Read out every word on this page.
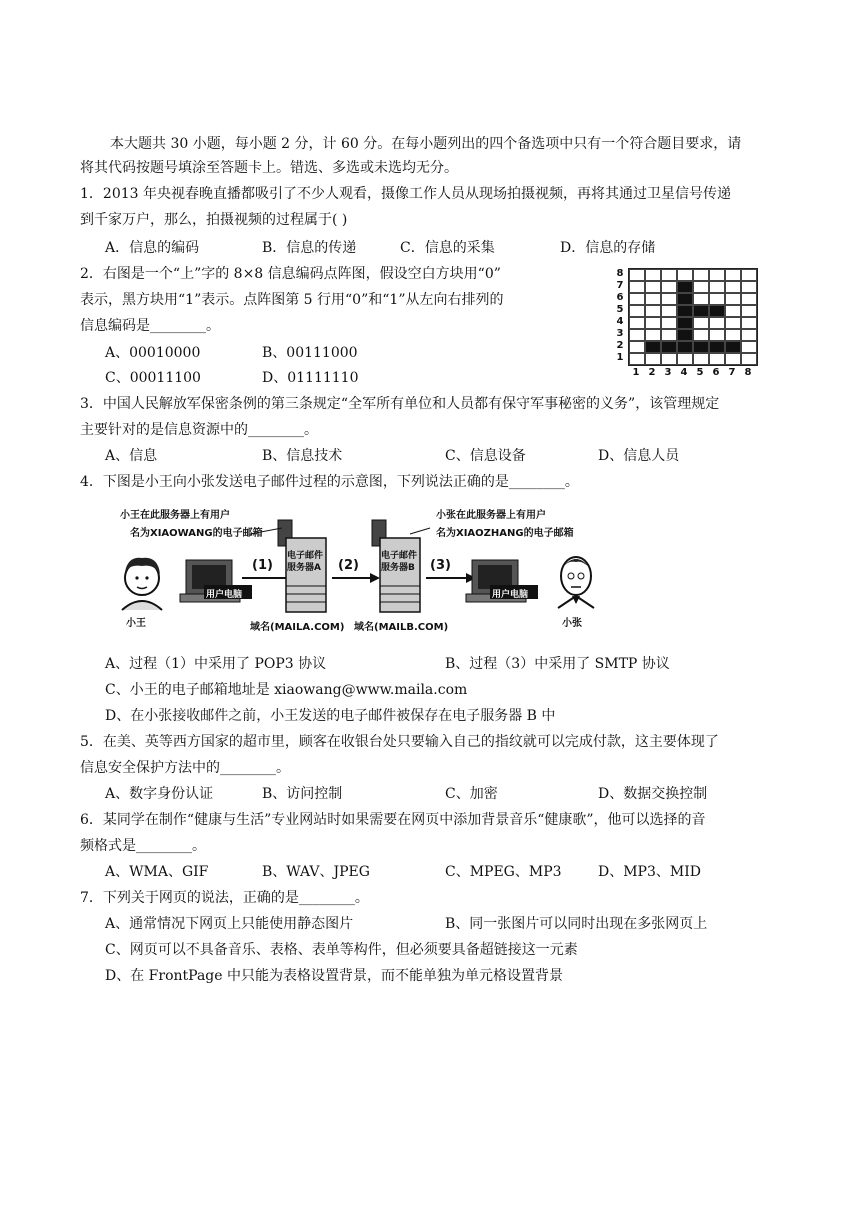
本大题共 30 小题，每小题 2 分，计 60 分。在每小题列出的四个备选项中只有一个符合题目要求，请
将其代码按题号填涂至答题卡上。错选、多选或未选均无分。
1．2013 年央视春晚直播都吸引了不少人观看，摄像工作人员从现场拍摄视频，再将其通过卫星信号传递
到千家万户，那么，拍摄视频的过程属于( )
A．信息的编码	B．信息的传递	C．信息的采集	D．信息的存储
2．右图是一个“上”字的 8×8 信息编码点阵图，假设空白方块用“0”
表示，黑方块用“1”表示。点阵图第 5 行用“0”和“1”从左向右排列的
信息编码是________。
A、00010000	B、00111000
C、00011100	D、01111110
8
7
6
5
4
3
2
1
1 2 3 4 5 6 7 8
3．中国人民解放军保密条例的第三条规定“全军所有单位和人员都有保守军事秘密的义务”，该管理规定
主要针对的是信息资源中的________。
A、信息	B、信息技术	C、信息设备	D、信息人员
4．下图是小王向小张发送电子邮件过程的示意图，下列说法正确的是________。
小王在此服务器上有用户
名为XIAOWANG的电子邮箱
小张在此服务器上有用户
名为XIAOZHANG的电子邮箱
电子邮件
服务器A
电子邮件
服务器B
(1)	(2)	(3)
用户电脑	用户电脑
小王	小张
域名(MAILA.COM) 域名(MAILB.COM)
A、过程（1）中采用了 POP3 协议	B、过程（3）中采用了 SMTP 协议
C、小王的电子邮箱地址是 xiaowang@www.maila.com
D、在小张接收邮件之前，小王发送的电子邮件被保存在电子服务器 B 中
5．在美、英等西方国家的超市里，顾客在收银台处只要输入自己的指纹就可以完成付款，这主要体现了
信息安全保护方法中的________。
A、数字身份认证	B、访问控制	C、加密	D、数据交换控制
6．某同学在制作“健康与生活”专业网站时如果需要在网页中添加背景音乐“健康歌”，他可以选择的音
频格式是________。
A、WMA、GIF	B、WAV、JPEG	C、MPEG、MP3	D、MP3、MID
7．下列关于网页的说法，正确的是________。
A、通常情况下网页上只能使用静态图片	B、同一张图片可以同时出现在多张网页上
C、网页可以不具备音乐、表格、表单等构件，但必须要具备超链接这一元素
D、在 FrontPage 中只能为表格设置背景，而不能单独为单元格设置背景
